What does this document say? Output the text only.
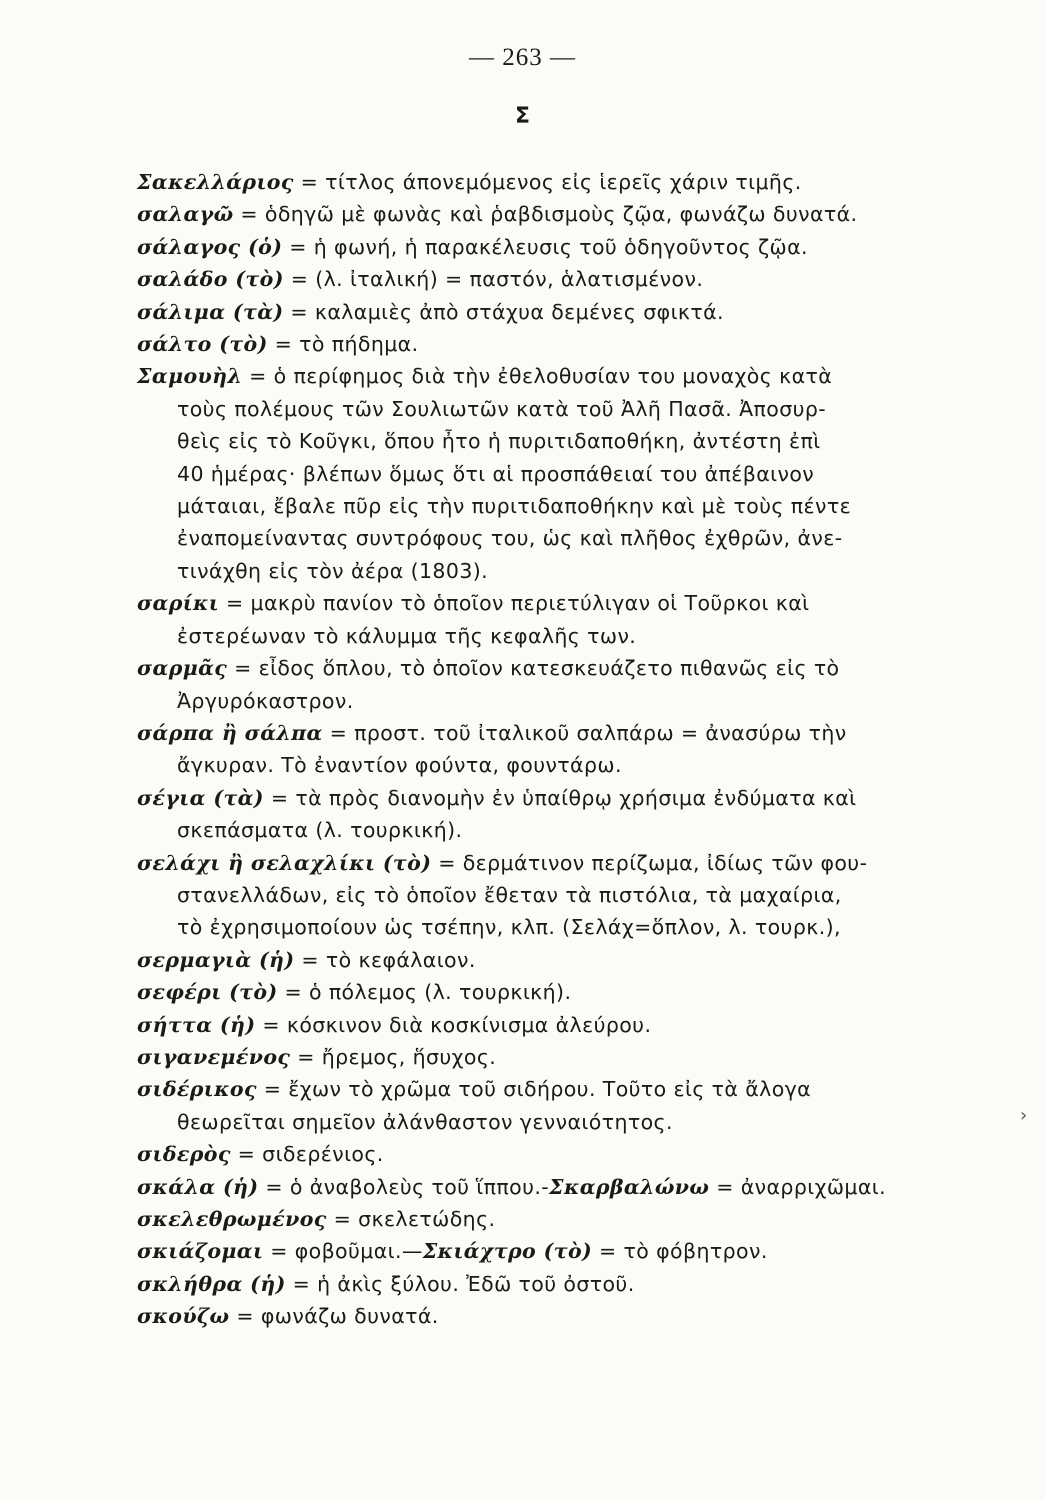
— 263 —
Σ
Σακελλάριος = τίτλος άπονεμόμενος εἰς ἱερεῖς χάριν τιμῆς.
σαλαγῶ = ὁδηγῶ μὲ φωνὰς καὶ ῥαβδισμοὺς ζῷα, φωνάζω δυνατά.
σάλαγος (ὁ) = ἡ φωνή, ἡ παρακέλευσις τοῦ ὁδηγοῦντος ζῷα.
σαλάδο (τὸ) = (λ. ἰταλική) = παστόν, ἁλατισμένον.
σάλιμα (τὰ) = καλαμιὲς ἀπὸ στάχυα δεμένες σφικτά.
σάλτο (τὸ) = τὸ πήδημα.
Σαμουὴλ = ὁ περίφημος διὰ τὴν ἐθελοθυσίαν του μοναχὸς κατὰ
τοὺς πολέμους τῶν Σουλιωτῶν κατὰ τοῦ Ἀλῆ Πασᾶ. Ἀποσυρ-
θεὶς εἰς τὸ Κοῦγκι, ὅπου ἦτο ἡ πυριτιδαποθήκη, ἀντέστη ἐπὶ
40 ἡμέρας· βλέπων ὅμως ὅτι αἱ προσπάθειαί του ἀπέβαινον
μάταιαι, ἔβαλε πῦρ εἰς τὴν πυριτιδαποθήκην καὶ μὲ τοὺς πέντε
ἐναπομείναντας συντρόφους του, ὡς καὶ πλῆθος ἐχθρῶν, ἀνε-
τινάχθη εἰς τὸν ἀέρα (1803).
σαρίκι = μακρὺ πανίον τὸ ὁποῖον περιετύλιγαν οἱ Τοῦρκοι καὶ
ἐστερέωναν τὸ κάλυμμα τῆς κεφαλῆς των.
σαρμᾶς = εἶδος ὅπλου, τὸ ὁποῖον κατεσκευάζετο πιθανῶς εἰς τὸ
Ἀργυρόκαστρον.
σάρπα ἢ σάλπα = προστ. τοῦ ἰταλικοῦ σαλπάρω = ἀνασύρω τὴν
ἄγκυραν. Τὸ ἐναντίον φούντα, φουντάρω.
σέγια (τὰ) = τὰ πρὸς διανομὴν ἐν ὑπαίθρῳ χρήσιμα ἐνδύματα καὶ
σκεπάσματα (λ. τουρκική).
σελάχι ἢ σελαχλίκι (τὸ) = δερμάτινον περίζωμα, ἰδίως τῶν φου-
στανελλάδων, εἰς τὸ ὁποῖον ἔθεταν τὰ πιστόλια, τὰ μαχαίρια,
τὸ ἐχρησιμοποίουν ὡς τσέπην, κλπ. (Σελάχ=ὅπλον, λ. τουρκ.),
σερμαγιὰ (ἡ) = τὸ κεφάλαιον.
σεφέρι (τὸ) = ὁ πόλεμος (λ. τουρκική).
σήττα (ἡ) = κόσκινον διὰ κοσκίνισμα ἀλεύρου.
σιγανεμένος = ἤρεμος, ἥσυχος.
σιδέρικος = ἔχων τὸ χρῶμα τοῦ σιδήρου. Τοῦτο εἰς τὰ ἄλογα
θεωρεῖται σημεῖον ἀλάνθαστον γενναιότητος.
σιδερὸς = σιδερένιος.
σκάλα (ἡ) = ὁ ἀναβολεὺς τοῦ ἵππου.-Σκαρβαλώνω = ἀναρριχῶμαι.
σκελεθρωμένος = σκελετώδης.
σκιάζομαι = φοβοῦμαι.—Σκιάχτρο (τὸ) = τὸ φόβητρον.
σκλήθρα (ἡ) = ἡ ἀκὶς ξύλου. Ἐδῶ τοῦ ὀστοῦ.
σκούζω = φωνάζω δυνατά.
›
